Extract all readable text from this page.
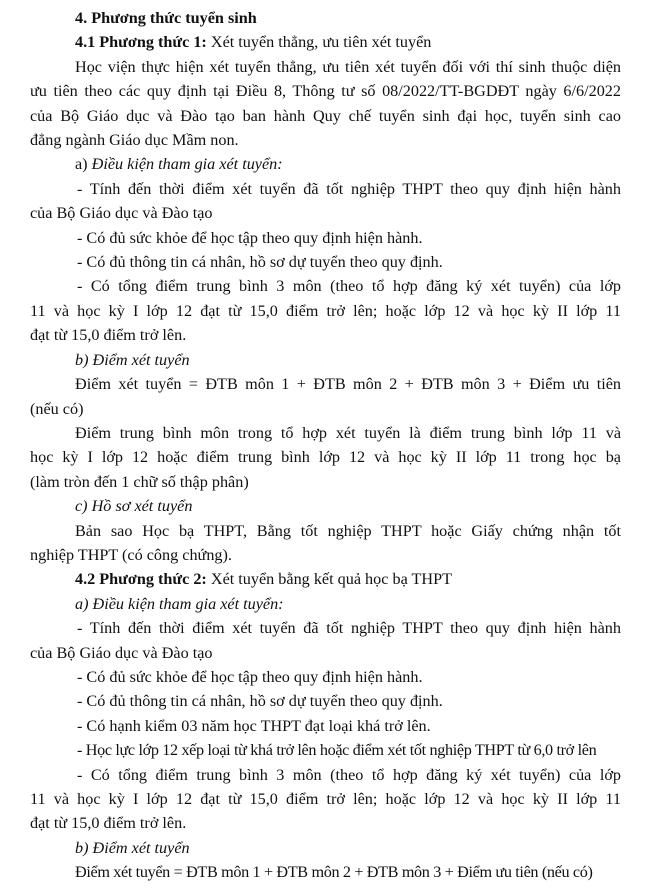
4. Phương thức tuyển sinh
4.1 Phương thức 1: Xét tuyển thẳng, ưu tiên xét tuyển
Học viện thực hiện xét tuyển thẳng, ưu tiên xét tuyển đối với thí sinh thuộc diện
ưu tiên theo các quy định tại Điều 8, Thông tư số 08/2022/TT-BGDĐT ngày 6/6/2022
của Bộ Giáo dục và Đào tạo ban hành Quy chế tuyển sinh đại học, tuyển sinh cao
đẳng ngành Giáo dục Mầm non.
a) Điều kiện tham gia xét tuyển:
- Tính đến thời điểm xét tuyển đã tốt nghiệp THPT theo quy định hiện hành
của Bộ Giáo dục và Đào tạo
- Có đủ sức khỏe để học tập theo quy định hiện hành.
- Có đủ thông tin cá nhân, hồ sơ dự tuyển theo quy định.
- Có tổng điểm trung bình 3 môn (theo tổ hợp đăng ký xét tuyển) của lớp
11 và học kỳ I lớp 12 đạt từ 15,0 điểm trở lên; hoặc lớp 12 và học kỳ II lớp 11
đạt từ 15,0 điểm trở lên.
b) Điểm xét tuyển
Điểm xét tuyển = ĐTB môn 1 + ĐTB môn 2 + ĐTB môn 3 + Điểm ưu tiên
(nếu có)
Điểm trung bình môn trong tổ hợp xét tuyển là điểm trung bình lớp 11 và
học kỳ I lớp 12 hoặc điểm trung bình lớp 12 và học kỳ II lớp 11 trong học bạ
(làm tròn đến 1 chữ số thập phân)
c) Hồ sơ xét tuyển
Bản sao Học bạ THPT, Bằng tốt nghiệp THPT hoặc Giấy chứng nhận tốt
nghiệp THPT (có công chứng).
4.2 Phương thức 2: Xét tuyển bằng kết quả học bạ THPT
a) Điều kiện tham gia xét tuyển:
- Tính đến thời điểm xét tuyển đã tốt nghiệp THPT theo quy định hiện hành
của Bộ Giáo dục và Đào tạo
- Có đủ sức khỏe để học tập theo quy định hiện hành.
- Có đủ thông tin cá nhân, hồ sơ dự tuyển theo quy định.
- Có hạnh kiểm 03 năm học THPT đạt loại khá trở lên.
- Học lực lớp 12 xếp loại từ khá trở lên hoặc điểm xét tốt nghiệp THPT từ 6,0 trở lên
- Có tổng điểm trung bình 3 môn (theo tổ hợp đăng ký xét tuyển) của lớp
11 và học kỳ I lớp 12 đạt từ 15,0 điểm trở lên; hoặc lớp 12 và học kỳ II lớp 11
đạt từ 15,0 điểm trở lên.
b) Điểm xét tuyển
Điểm xét tuyển = ĐTB môn 1 + ĐTB môn 2 + ĐTB môn 3 + Điểm ưu tiên (nếu có)
